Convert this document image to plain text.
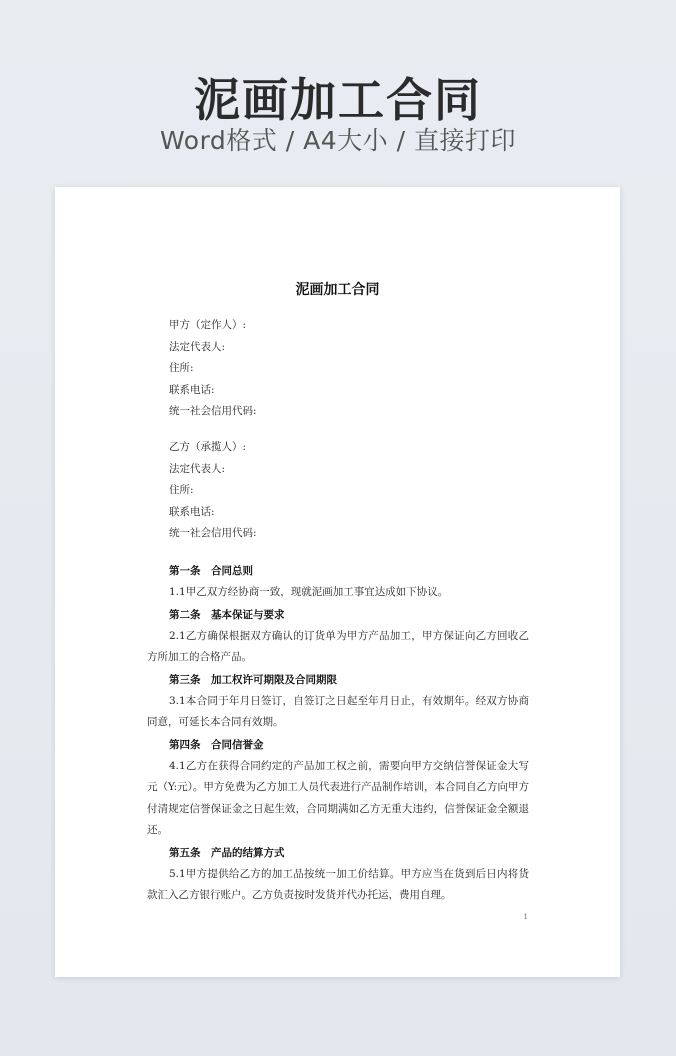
泥画加工合同
Word格式 / A4大小 / 直接打印
泥画加工合同
甲方（定作人）:
法定代表人:
住所:
联系电话:
统一社会信用代码:
乙方（承揽人）:
法定代表人:
住所:
联系电话:
统一社会信用代码:
第一条　合同总则

1.1甲乙双方经协商一致，现就泥画加工事宜达成如下协议。

第二条　基本保证与要求

2.1乙方确保根据双方确认的订货单为甲方产品加工，甲方保证向乙方回收乙方所加工的合格产品。

第三条　加工权许可期限及合同期限

3.1本合同于年月日签订，自签订之日起至年月日止，有效期年。经双方协商同意，可延长本合同有效期。

第四条　合同信誉金

4.1乙方在获得合同约定的产品加工权之前，需要向甲方交纳信誉保证金大写元（Y:元）。甲方免费为乙方加工人员代表进行产品制作培训，本合同自乙方向甲方付清规定信誉保证金之日起生效，合同期满如乙方无重大违约，信誉保证金全额退还。

第五条　产品的结算方式

5.1甲方提供给乙方的加工品按统一加工价结算。甲方应当在货到后日内将货款汇入乙方银行账户。乙方负责按时发货并代办托运，费用自理。

1
